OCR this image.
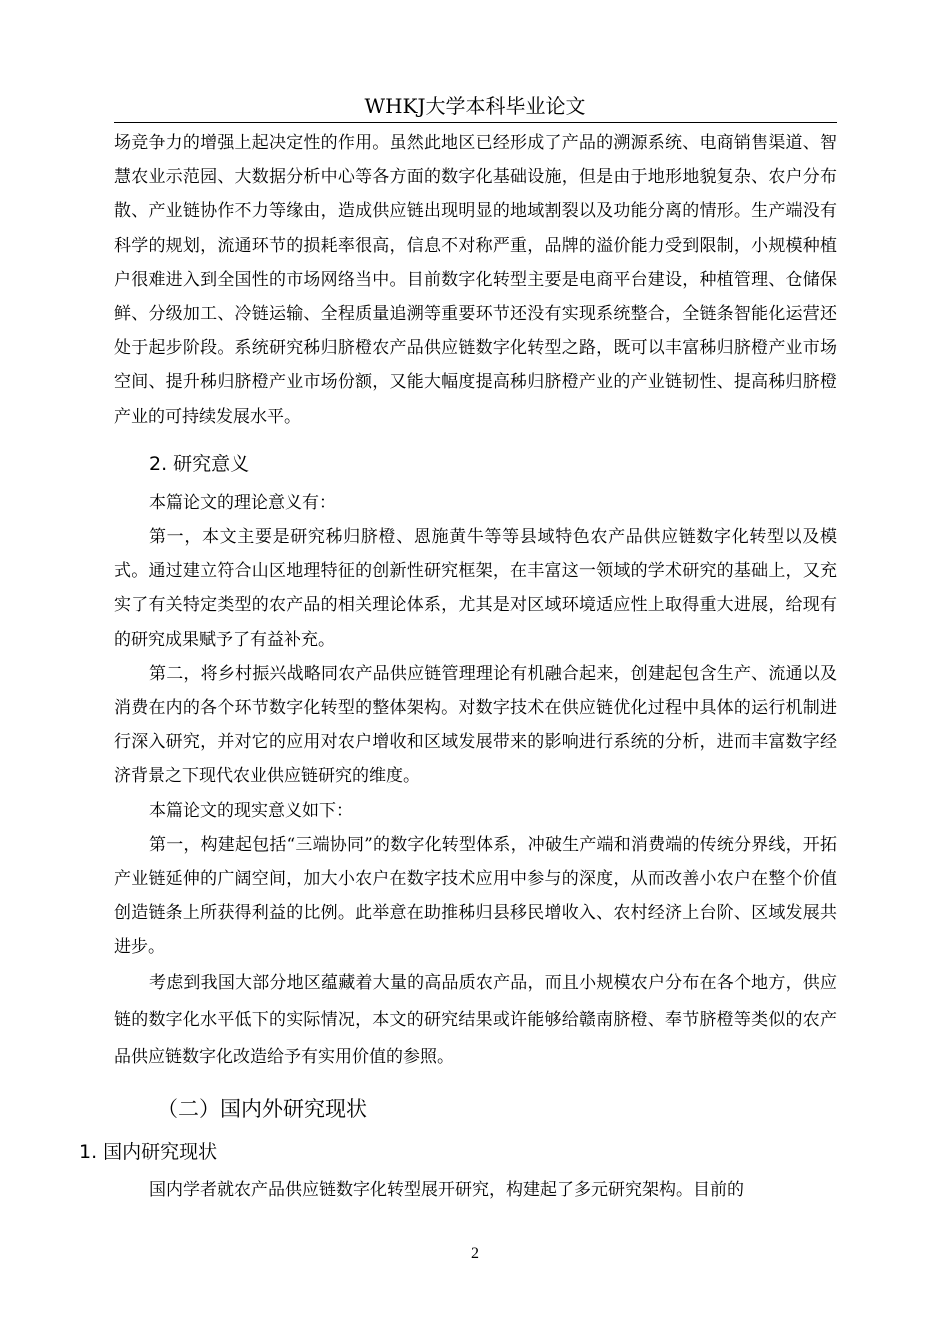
WHKJ大学本科毕业论文

场竞争力的增强上起决定性的作用。虽然此地区已经形成了产品的溯源系统、电商销售渠道、智慧农业示范园、大数据分析中心等各方面的数字化基础设施，但是由于地形地貌复杂、农户分布散、产业链协作不力等缘由，造成供应链出现明显的地域割裂以及功能分离的情形。生产端没有科学的规划，流通环节的损耗率很高，信息不对称严重，品牌的溢价能力受到限制，小规模种植户很难进入到全国性的市场网络当中。目前数字化转型主要是电商平台建设，种植管理、仓储保鲜、分级加工、冷链运输、全程质量追溯等重要环节还没有实现系统整合，全链条智能化运营还处于起步阶段。系统研究秭归脐橙农产品供应链数字化转型之路，既可以丰富秭归脐橙产业市场空间、提升秭归脐橙产业市场份额，又能大幅度提高秭归脐橙产业的产业链韧性、提高秭归脐橙产业的可持续发展水平。

2. 研究意义

本篇论文的理论意义有：

第一，本文主要是研究秭归脐橙、恩施黄牛等等县域特色农产品供应链数字化转型以及模式。通过建立符合山区地理特征的创新性研究框架，在丰富这一领域的学术研究的基础上，又充实了有关特定类型的农产品的相关理论体系，尤其是对区域环境适应性上取得重大进展，给现有的研究成果赋予了有益补充。

第二，将乡村振兴战略同农产品供应链管理理论有机融合起来，创建起包含生产、流通以及消费在内的各个环节数字化转型的整体架构。对数字技术在供应链优化过程中具体的运行机制进行深入研究，并对它的应用对农户增收和区域发展带来的影响进行系统的分析，进而丰富数字经济背景之下现代农业供应链研究的维度。

本篇论文的现实意义如下：

第一，构建起包括“三端协同”的数字化转型体系，冲破生产端和消费端的传统分界线，开拓产业链延伸的广阔空间，加大小农户在数字技术应用中参与的深度，从而改善小农户在整个价值创造链条上所获得利益的比例。此举意在助推秭归县移民增收入、农村经济上台阶、区域发展共进步。

考虑到我国大部分地区蕴藏着大量的高品质农产品，而且小规模农户分布在各个地方，供应链的数字化水平低下的实际情况，本文的研究结果或许能够给赣南脐橙、奉节脐橙等类似的农产品供应链数字化改造给予有实用价值的参照。

（二）国内外研究现状
1. 国内研究现状

国内学者就农产品供应链数字化转型展开研究，构建起了多元研究架构。目前的

2
